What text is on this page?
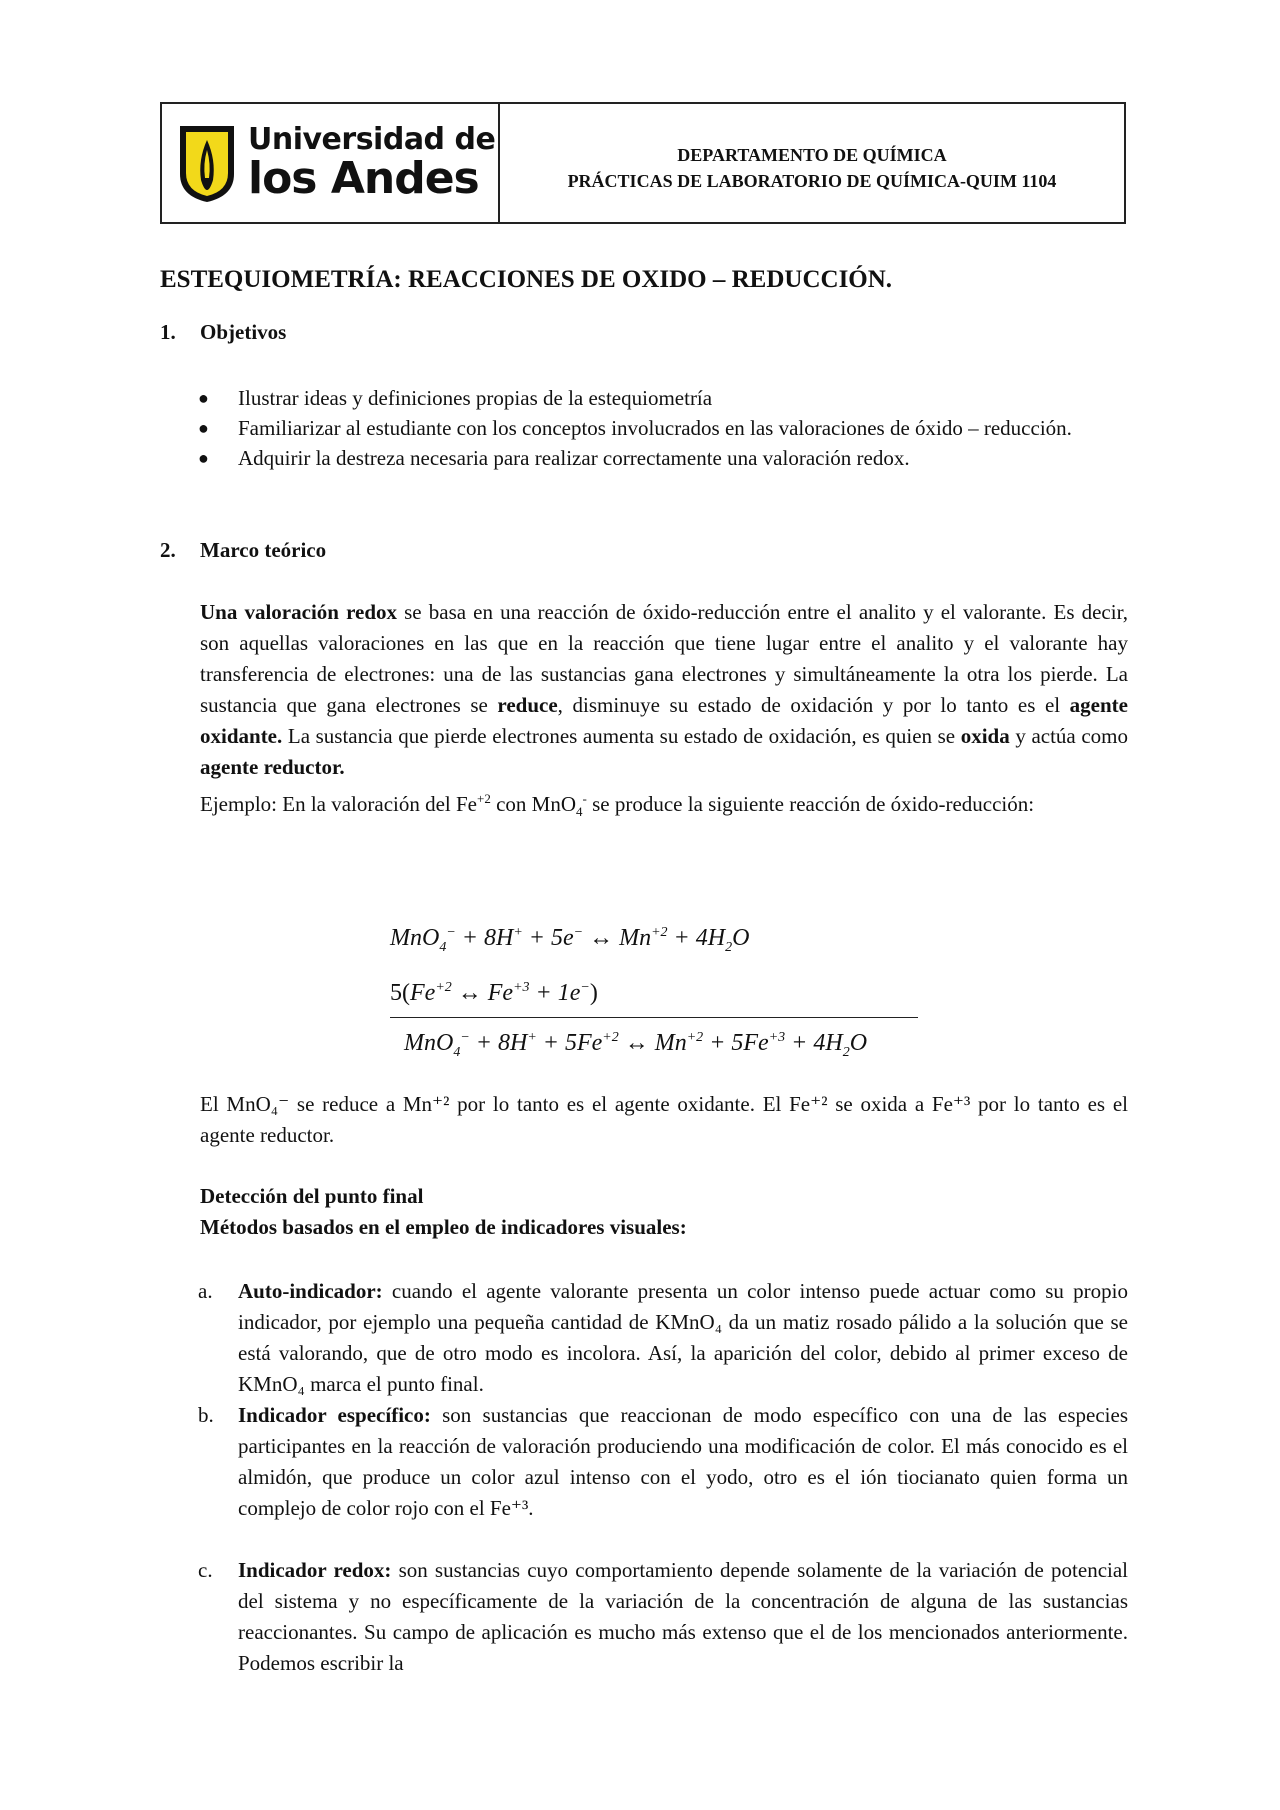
Universidad de
los Andes	DEPARTAMENTO DE QUÍMICA
PRÁCTICAS DE LABORATORIO DE QUÍMICA-QUIM 1104
ESTEQUIOMETRÍA: REACCIONES DE OXIDO – REDUCCIÓN.
1. Objetivos
● Ilustrar ideas y definiciones propias de la estequiometría
● Familiarizar al estudiante con los conceptos involucrados en las valoraciones de óxido – reducción.
● Adquirir la destreza necesaria para realizar correctamente una valoración redox.
2. Marco teórico

Una valoración redox se basa en una reacción de óxido-reducción entre el analito y el valorante. Es decir, son aquellas valoraciones en las que en la reacción que tiene lugar entre el analito y el valorante hay transferencia de electrones: una de las sustancias gana electrones y simultáneamente la otra los pierde. La sustancia que gana electrones se reduce, disminuye su estado de oxidación y por lo tanto es el agente oxidante. La sustancia que pierde electrones aumenta su estado de oxidación, es quien se oxida y actúa como agente reductor.
Ejemplo: En la valoración del $Fe^{+2}$ con MnO$_4$- se produce la siguiente reacción de óxido-reducción:

MnO$_4$− + 8H+ + 5e− ↔ $Mn^{+2} + 4H_2O$
$5(Fe^{+2}$ ↔ $Fe^{+3} + 1e^-$)
$MnO_4^- + 8H^+ + 5Fe^{+2}$ ↔ $Mn^{+2} + 5Fe^{+3} + 4H_2O$

El MnO₄⁻ se reduce a Mn⁺² por lo tanto es el agente oxidante. El Fe⁺² se oxida a Fe⁺³ por lo tanto es el agente reductor.

Detección del punto final
Métodos basados en el empleo de indicadores visuales:
a. Auto-indicador: cuando el agente valorante presenta un color intenso puede actuar como su propio indicador, por ejemplo una pequeña cantidad de KMnO₄ da un matiz rosado pálido a la solución que se está valorando, que de otro modo es incolora. Así, la aparición del color, debido al primer exceso de KMnO₄ marca el punto final.
b. Indicador específico: son sustancias que reaccionan de modo específico con una de las especies participantes en la reacción de valoración produciendo una modificación de color. El más conocido es el almidón, que produce un color azul intenso con el yodo, otro es el ión tiocianato quien forma un complejo de color rojo con el Fe⁺³.
c. Indicador redox: son sustancias cuyo comportamiento depende solamente de la variación de potencial del sistema y no específicamente de la variación de la concentración de alguna de las sustancias reaccionantes. Su campo de aplicación es mucho más extenso que el de los mencionados anteriormente. Podemos escribir la
